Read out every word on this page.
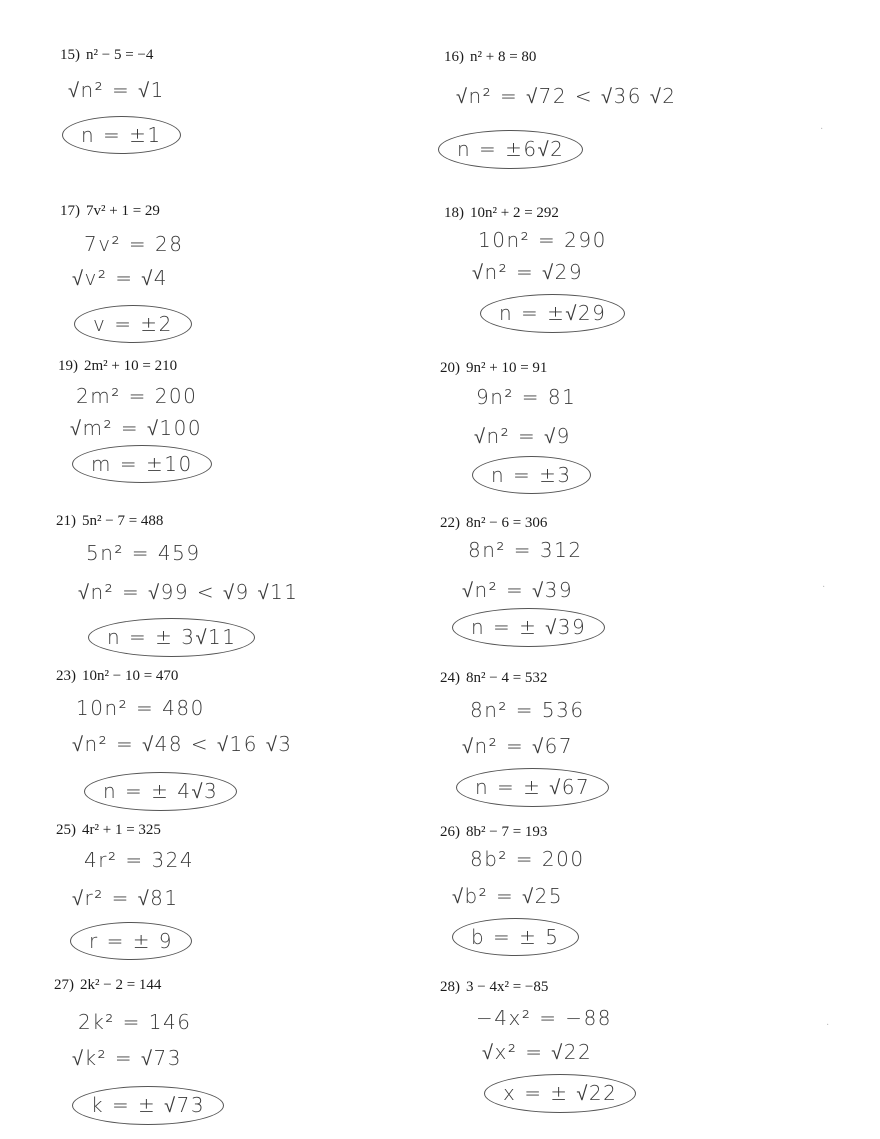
15) n² − 5 = −4
√n² = √1
n = ±1
16) n² + 8 = 80
√n² = √72 < √36 √2
n = ±6√2
17) 7v² + 1 = 29
7v² = 28
√v² = √4
v = ±2
18) 10n² + 2 = 292
10n² = 290
√n² = √29
n = ±√29
19) 2m² + 10 = 210
2m² = 200
√m² = √100
m = ±10
20) 9n² + 10 = 91
9n² = 81
√n² = √9
n = ±3
21) 5n² − 7 = 488
5n² = 459
√n² = √99 < √9 √11
n = ± 3√11
22) 8n² − 6 = 306
8n² = 312
√n² = √39
n = ± √39
23) 10n² − 10 = 470
10n² = 480
√n² = √48 < √16 √3
n = ± 4√3
24) 8n² − 4 = 532
8n² = 536
√n² = √67
n = ± √67
25) 4r² + 1 = 325
4r² = 324
√r² = √81
r = ± 9
26) 8b² − 7 = 193
8b² = 200
√b² = √25
b = ± 5
27) 2k² − 2 = 144
2k² = 146
√k² = √73
k = ± √73
28) 3 − 4x² = −85
−4x² = −88
√x² = √22
x = ± √22
·
·
·
